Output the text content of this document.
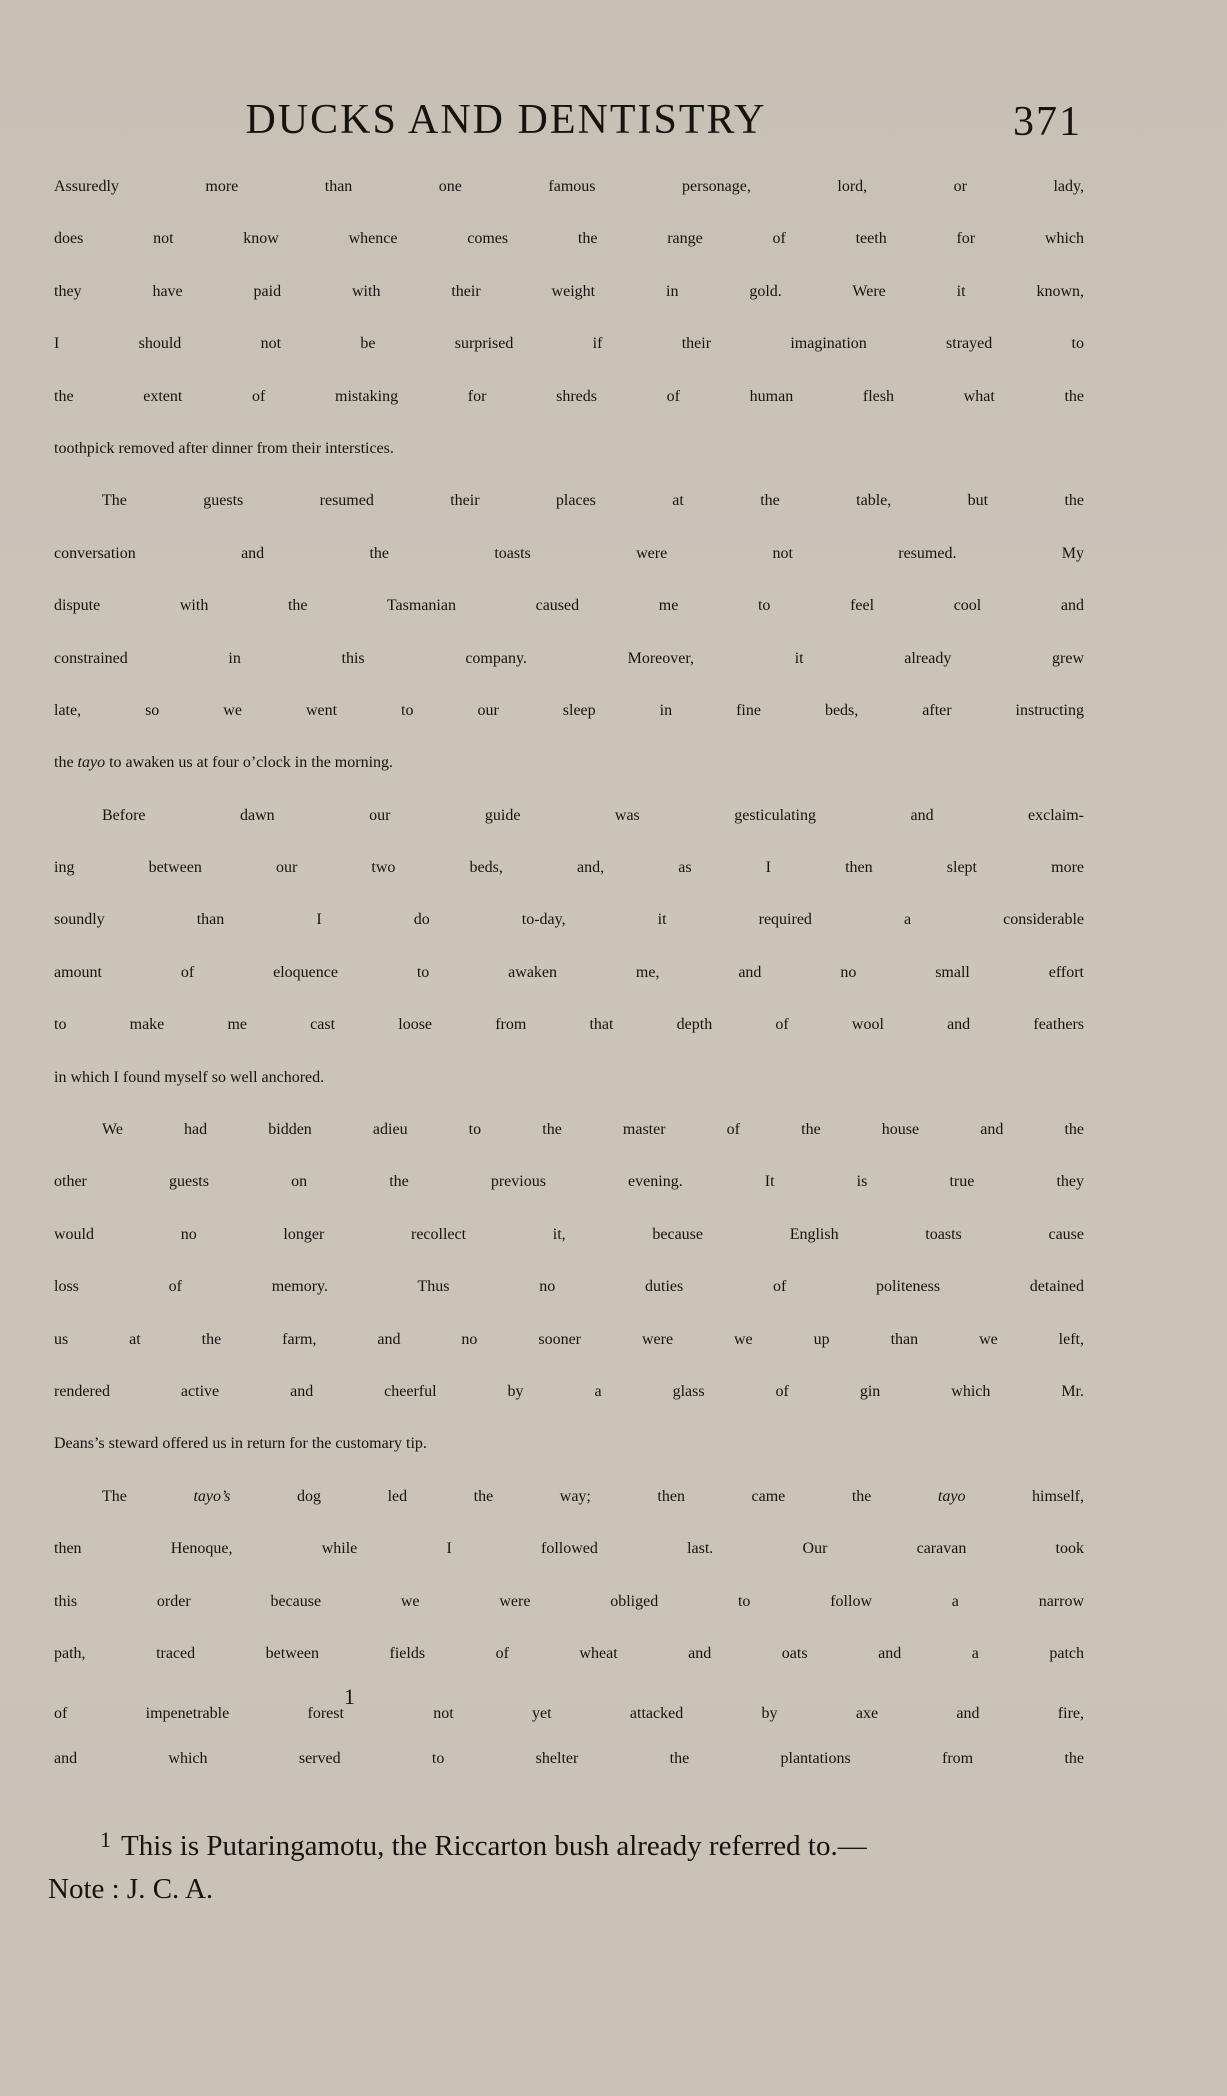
DUCKS AND DENTISTRY	371
Assuredly more than one famous personage, lord, or lady,
does not know whence comes the range of teeth for which
they have paid with their weight in gold. Were it known,
I should not be surprised if their imagination strayed to
the extent of mistaking for shreds of human flesh what the
toothpick removed after dinner from their interstices.
The guests resumed their places at the table, but the
conversation and the toasts were not resumed. My
dispute with the Tasmanian caused me to feel cool and
constrained in this company. Moreover, it already grew
late, so we went to our sleep in fine beds, after instructing
the tayo to awaken us at four o’clock in the morning.
Before dawn our guide was gesticulating and exclaim-
ing between our two beds, and, as I then slept more
soundly than I do to-day, it required a considerable
amount of eloquence to awaken me, and no small effort
to make me cast loose from that depth of wool and feathers
in which I found myself so well anchored.
We had bidden adieu to the master of the house and the
other guests on the previous evening. It is true they
would no longer recollect it, because English toasts cause
loss of memory. Thus no duties of politeness detained
us at the farm, and no sooner were we up than we left,
rendered active and cheerful by a glass of gin which Mr.
Deans’s steward offered us in return for the customary tip.
The tayo’s dog led the way; then came the tayo himself,
then Henoque, while I followed last. Our caravan took
this order because we were obliged to follow a narrow
path, traced between fields of wheat and oats and a patch
of impenetrable forest$^1$ not yet attacked by axe and fire,
and which served to shelter the plantations from the
$^1$ This is Putaringamotu, the Riccarton bush already referred to.—
Note : J. C. A.
